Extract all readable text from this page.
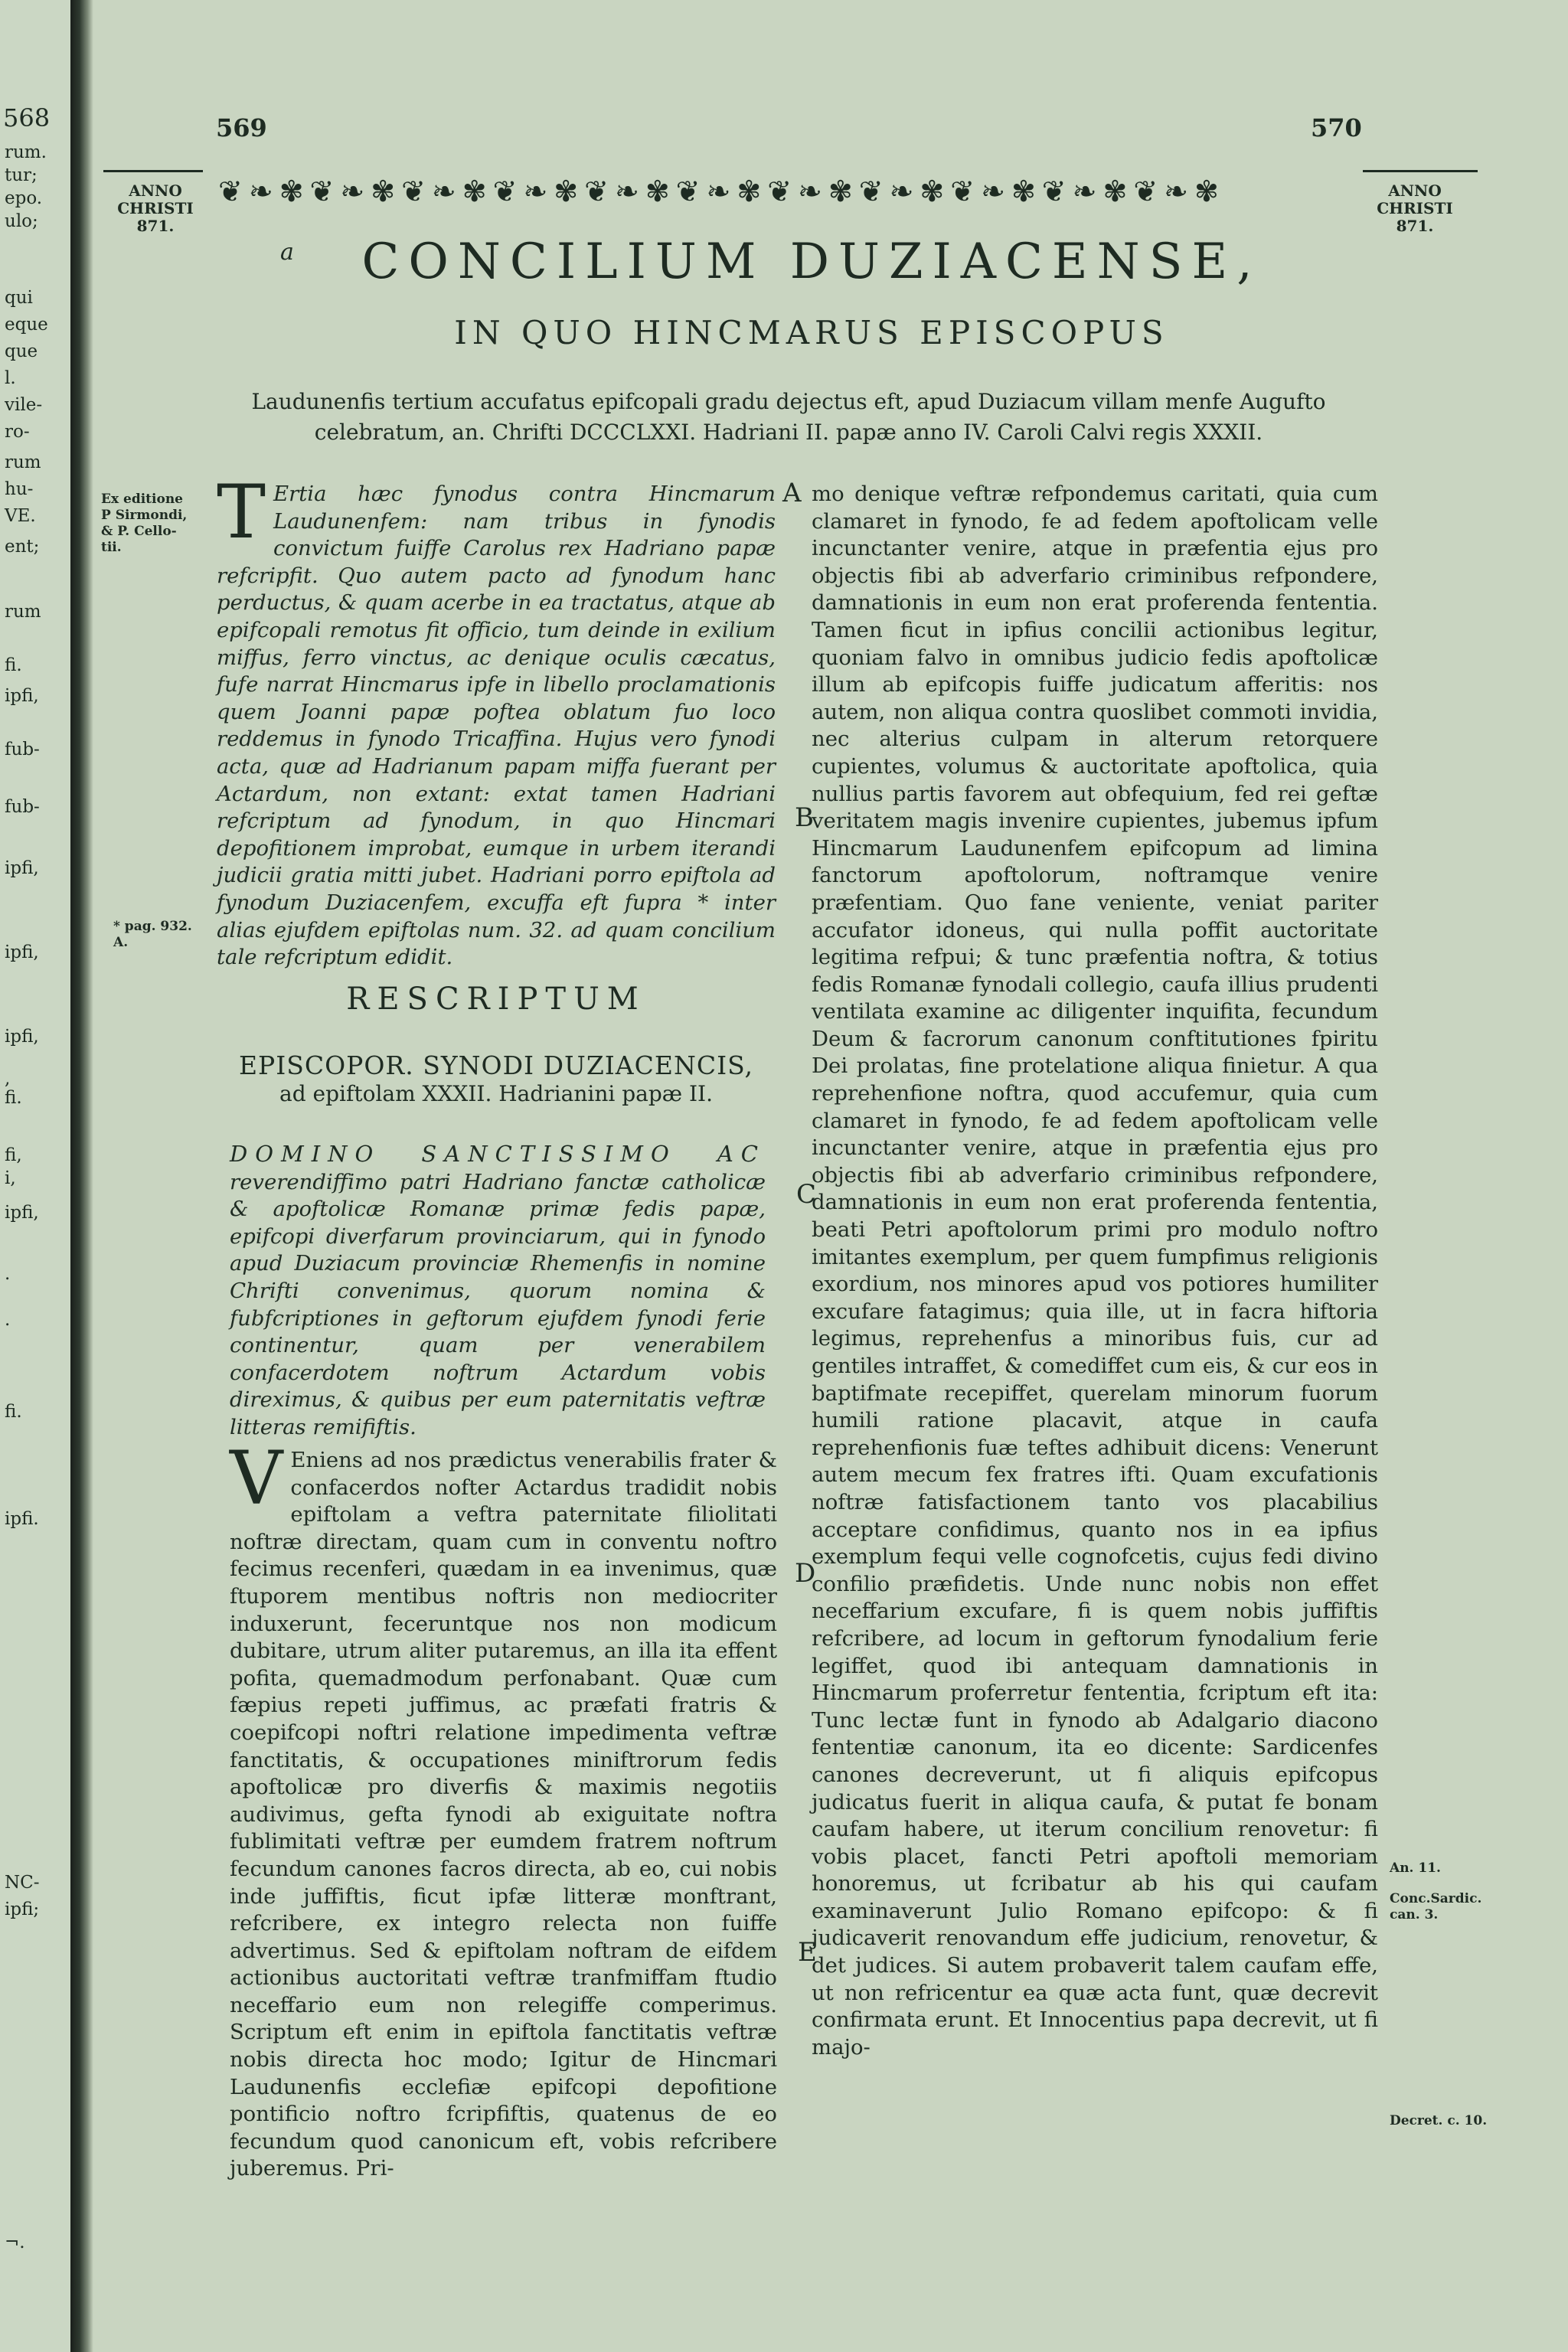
568
rum.
tur;
epo.
ulo;
qui
eque
que
l.
vile-
ro-
rum
hu-
VE.
ent;
rum
fi.
ipfi,
fub-
fub-
ipfi,
ipfi,
ipfi,
,
fi.
fi,
i,
ipfi,
.
.
fi.
ipfi.
NC-
ipfi;
¬.
569	570
ANNO
CHRISTI
871.
ANNO
CHRISTI
871.
❦ ❧ ✾ ❦ ❧ ✾ ❦ ❧ ✾ ❦ ❧ ✾ ❦ ❧ ✾ ❦ ❧ ✾ ❦ ❧ ✾ ❦ ❧ ✾ ❦ ❧ ✾ ❦ ❧ ✾ ❦ ❧ ✾
a	CONCILIUM DUZIACENSE,
IN QUO HINCMARUS EPISCOPUS
Laudunenfis tertium accufatus epifcopali gradu dejectus eft, apud Duziacum villam menfe Augufto
celebratum, an. Chrifti DCCCLXXI. Hadriani II. papæ anno IV. Caroli Calvi regis XXXII.
Ex editione
P Sirmondi,
& P. Cello-
tii.
* pag. 932.
A.
An. 11.
Conc.Sardic.
can. 3.
Decret. c. 10.
A
B
C
D
E
T Ertia hæc fynodus contra Hincmarum Laudunenfem: nam tribus in fynodis convictum fuiffe Carolus rex Hadriano papæ refcripfit. Quo autem pacto ad fynodum hanc perductus, & quam acerbe in ea tractatus, atque ab epifcopali remotus fit officio, tum deinde in exilium miffus, ferro vinctus, ac denique oculis cæcatus, fufe narrat Hincmarus ipfe in libello proclamationis quem Joanni papæ poftea oblatum fuo loco reddemus in fynodo Tricaffina. Hujus vero fynodi acta, quæ ad Hadrianum papam miffa fuerant per Actardum, non extant: extat tamen Hadriani refcriptum ad fynodum, in quo Hincmari depofitionem improbat, eumque in urbem iterandi judicii gratia mitti jubet. Hadriani porro epiftola ad fynodum Duziacenfem, excuffa eft fupra * inter alias ejufdem epiftolas num. 32. ad quam concilium tale refcriptum edidit.
RESCRIPTUM
EPISCOPOR. SYNODI DUZIACENCIS,
ad epiftolam XXXII. Hadrianini papæ II.
DOMINO SANCTISSIMO AC reverendiffimo patri Hadriano fanctæ catholicæ & apoftolicæ Romanæ primæ fedis papæ, epifcopi diverfarum provinciarum, qui in fynodo apud Duziacum provinciæ Rhemenfis in nomine Chrifti convenimus, quorum nomina & fubfcriptiones in geftorum ejufdem fynodi ferie continentur, quam per venerabilem confacerdotem noftrum Actardum vobis direximus, & quibus per eum paternitatis veftræ litteras remififtis.
V Eniens ad nos prædictus venerabilis frater & confacerdos nofter Actardus tradidit nobis epiftolam a veftra paternitate filiolitati noftræ directam, quam cum in conventu noftro fecimus recenferi, quædam in ea invenimus, quæ ftuporem mentibus noftris non mediocriter induxerunt, feceruntque nos non modicum dubitare, utrum aliter putaremus, an illa ita effent pofita, quemadmodum perfonabant. Quæ cum fæpius repeti juffimus, ac præfati fratris & coepifcopi noftri relatione impedimenta veftræ fanctitatis, & occupationes miniftrorum fedis apoftolicæ pro diverfis & maximis negotiis audivimus, gefta fynodi ab exiguitate noftra fublimitati veftræ per eumdem fratrem noftrum fecundum canones facros directa, ab eo, cui nobis inde juffiftis, ficut ipfæ litteræ monftrant, refcribere, ex integro relecta non fuiffe advertimus. Sed & epiftolam noftram de eifdem actionibus auctoritati veftræ tranfmiffam ftudio neceffario eum non relegiffe comperimus. Scriptum eft enim in epiftola fanctitatis veftræ nobis directa hoc modo; Igitur de Hincmari Laudunenfis ecclefiæ epifcopi depofitione pontificio noftro fcripfiftis, quatenus de eo fecundum quod canonicum eft, vobis refcribere juberemus. Pri-
mo denique veftræ refpondemus caritati, quia cum clamaret in fynodo, fe ad fedem apoftolicam velle incunctanter venire, atque in præfentia ejus pro objectis fibi ab adverfario criminibus refpondere, damnationis in eum non erat proferenda fententia. Tamen ficut in ipfius concilii actionibus legitur, quoniam falvo in omnibus judicio fedis apoftolicæ illum ab epifcopis fuiffe judicatum afferitis: nos autem, non aliqua contra quoslibet commoti invidia, nec alterius culpam in alterum retorquere cupientes, volumus & auctoritate apoftolica, quia nullius partis favorem aut obfequium, fed rei geftæ veritatem magis invenire cupientes, jubemus ipfum Hincmarum Laudunenfem epifcopum ad limina fanctorum apoftolorum, noftramque venire præfentiam. Quo fane veniente, veniat pariter accufator idoneus, qui nulla poffit auctoritate legitima refpui; & tunc præfentia noftra, & totius fedis Romanæ fynodali collegio, caufa illius prudenti ventilata examine ac diligenter inquifita, fecundum Deum & facrorum canonum conftitutiones fpiritu Dei prolatas, fine protelatione aliqua finietur. A qua reprehenfione noftra, quod accufemur, quia cum clamaret in fynodo, fe ad fedem apoftolicam velle incunctanter venire, atque in præfentia ejus pro objectis fibi ab adverfario criminibus refpondere, damnationis in eum non erat proferenda fententia, beati Petri apoftolorum primi pro modulo noftro imitantes exemplum, per quem fumpfimus religionis exordium, nos minores apud vos potiores humiliter excufare fatagimus; quia ille, ut in facra hiftoria legimus, reprehenfus a minoribus fuis, cur ad gentiles intraffet, & comediffet cum eis, & cur eos in baptifmate recepiffet, querelam minorum fuorum humili ratione placavit, atque in caufa reprehenfionis fuæ teftes adhibuit dicens: Venerunt autem mecum fex fratres ifti. Quam excufationis noftræ fatisfactionem tanto vos placabilius acceptare confidimus, quanto nos in ea ipfius exemplum fequi velle cognofcetis, cujus fedi divino confilio præfidetis. Unde nunc nobis non effet neceffarium excufare, fi is quem nobis juffiftis refcribere, ad locum in geftorum fynodalium ferie legiffet, quod ibi antequam damnationis in Hincmarum proferretur fententia, fcriptum eft ita: Tunc lectæ funt in fynodo ab Adalgario diacono fententiæ canonum, ita eo dicente: Sardicenfes canones decreverunt, ut fi aliquis epifcopus judicatus fuerit in aliqua caufa, & putat fe bonam caufam habere, ut iterum concilium renovetur: fi vobis placet, fancti Petri apoftoli memoriam honoremus, ut fcribatur ab his qui caufam examinaverunt Julio Romano epifcopo: & fi judicaverit renovandum effe judicium, renovetur, & det judices. Si autem probaverit talem caufam effe, ut non refricentur ea quæ acta funt, quæ decrevit confirmata erunt. Et Innocentius papa decrevit, ut fi majo-
